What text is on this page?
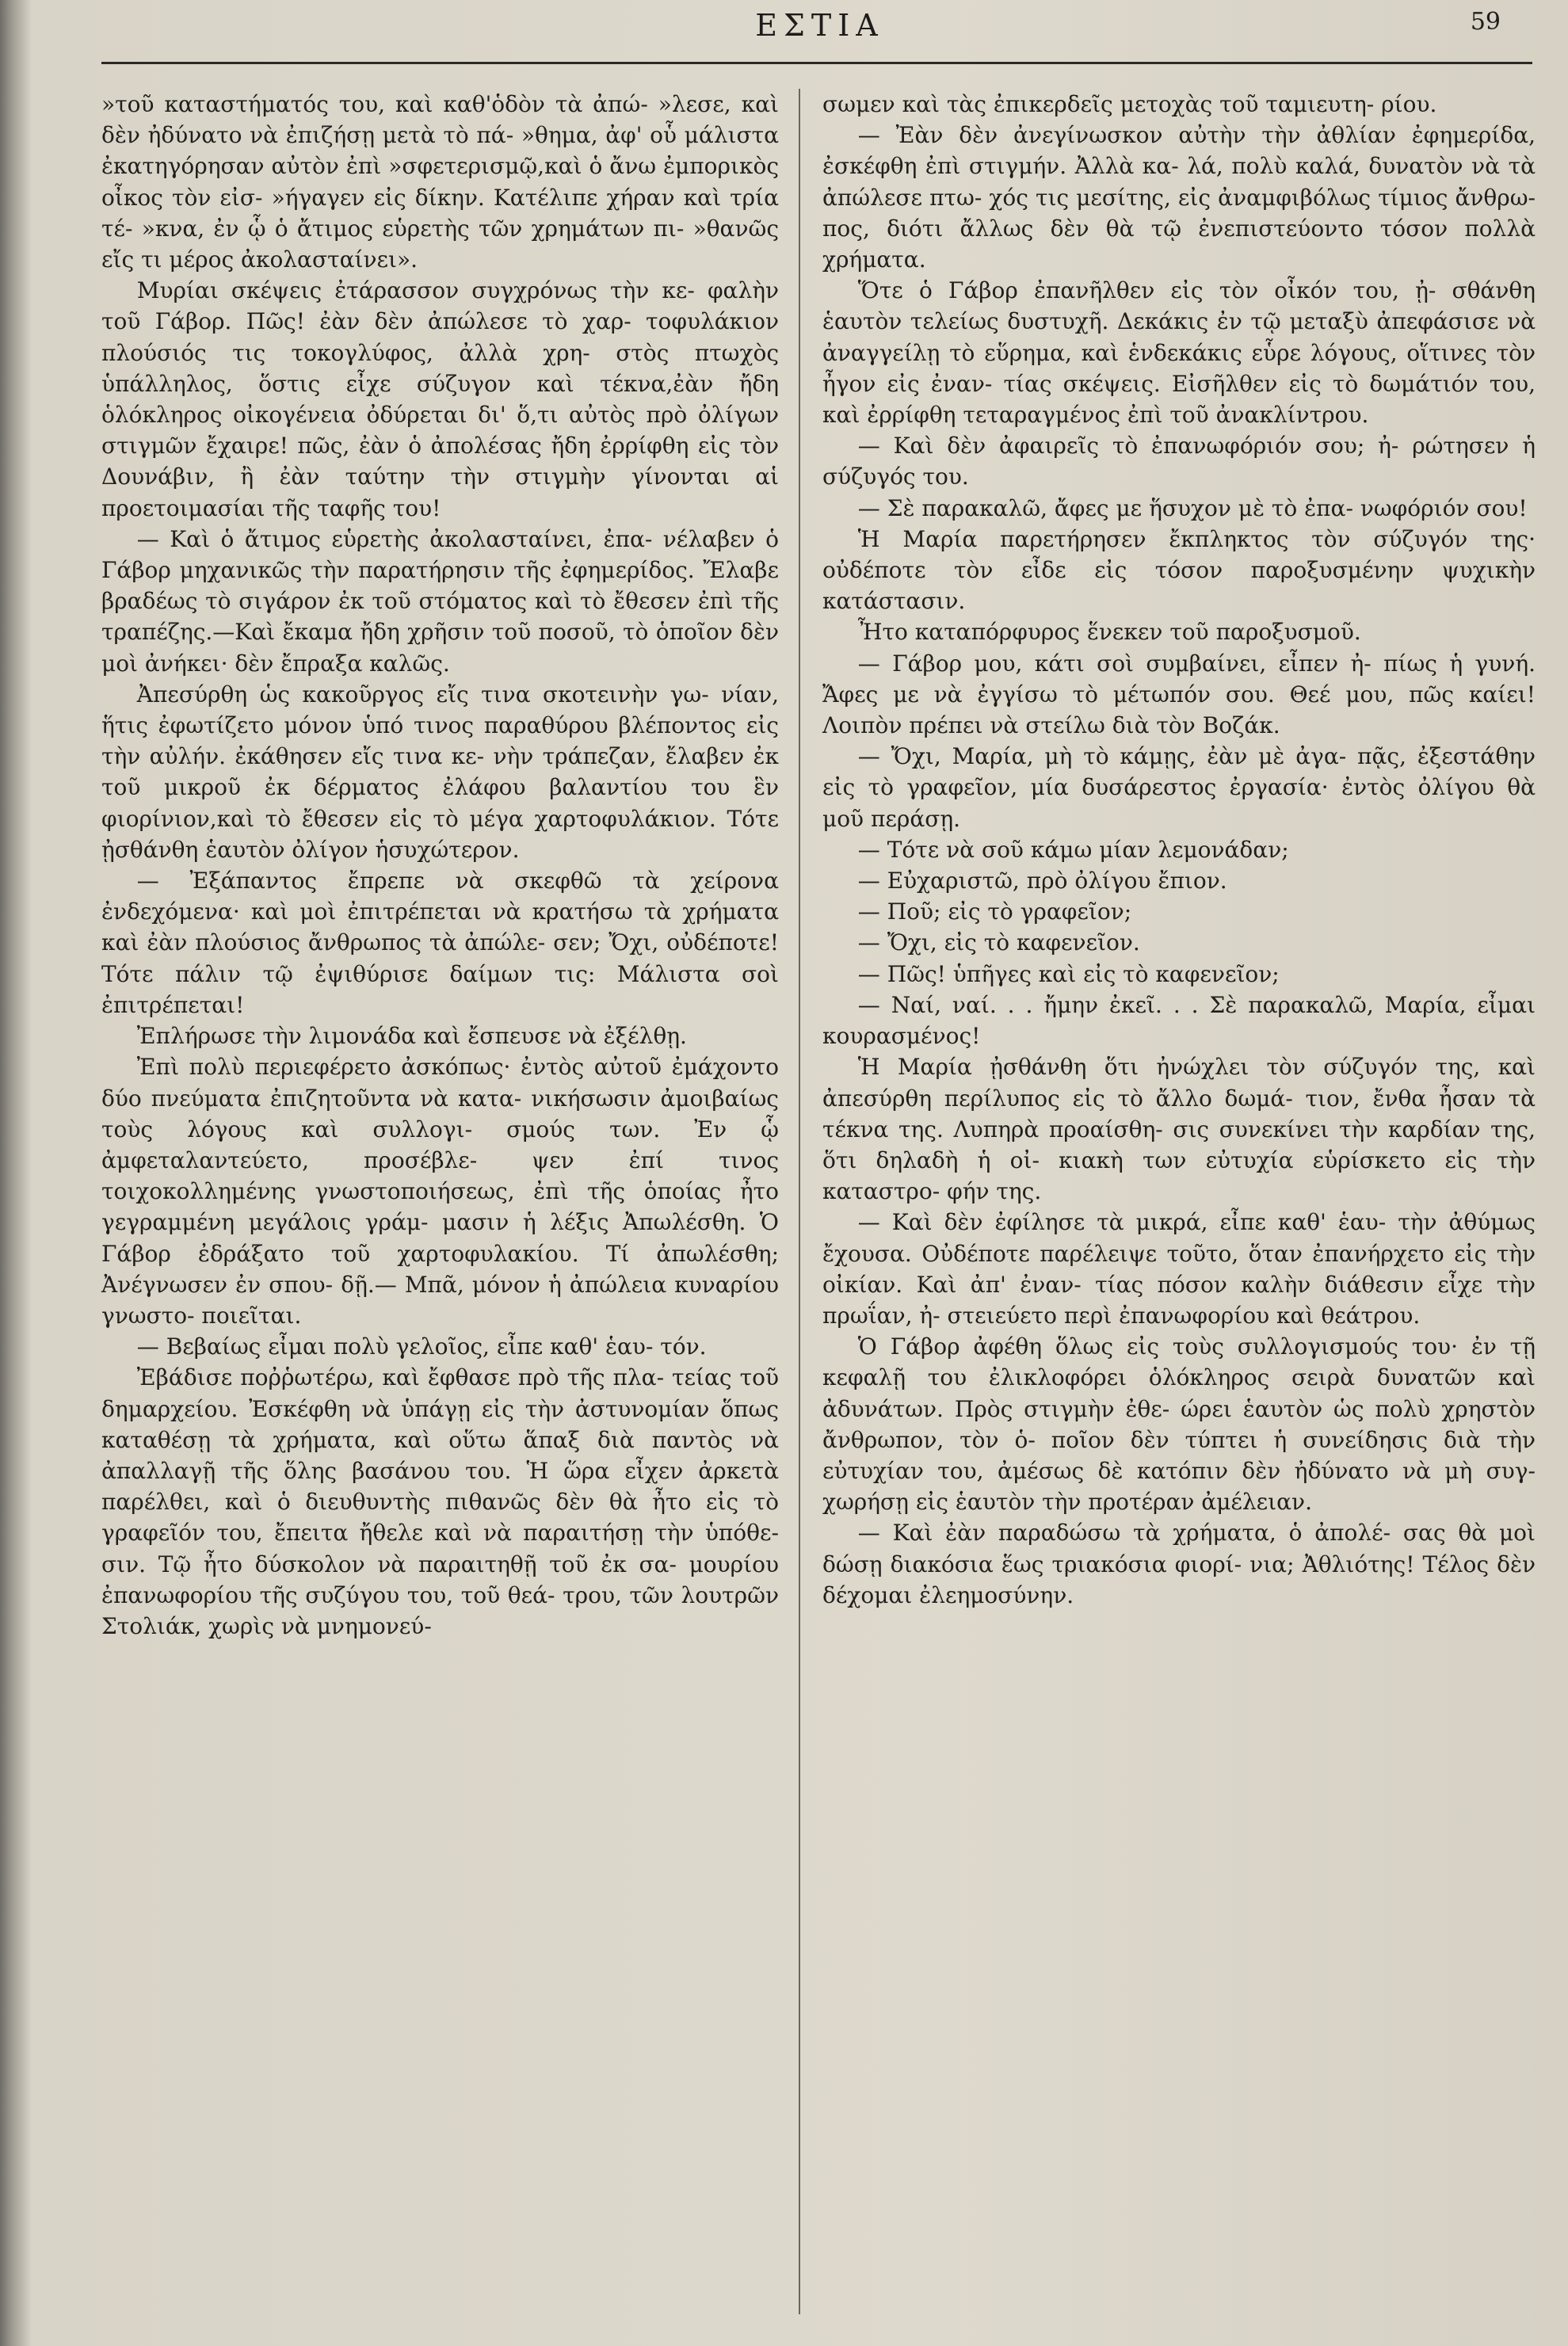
ΕΣΤΙΑ	59

»τοῦ καταστήματός του, καὶ καθ'ὁδὸν τὰ ἀπώ- »λεσε, καὶ δὲν ἠδύνατο νὰ ἐπιζήσῃ μετὰ τὸ πά- »θημα, ἀφ' οὗ μάλιστα ἐκατηγόρησαν αὐτὸν ἐπὶ »σφετερισμῷ,καὶ ὁ ἄνω ἐμπορικὸς οἶκος τὸν εἰσ- »ήγαγεν εἰς δίκην. Κατέλιπε χήραν καὶ τρία τέ- »κνα, ἐν ᾧ ὁ ἄτιμος εὑρετὴς τῶν χρημάτων πι- »θανῶς εἴς τι μέρος ἀκολασταίνει».

Μυρίαι σκέψεις ἐτάρασσον συγχρόνως τὴν κε- φαλὴν τοῦ Γάβορ. Πῶς! ἐὰν δὲν ἀπώλεσε τὸ χαρ- τοφυλάκιον πλούσιός τις τοκογλύφος, ἀλλὰ χρη- στὸς πτωχὸς ὑπάλληλος, ὅστις εἶχε σύζυγον καὶ τέκνα,ἐὰν ἤδη ὁλόκληρος οἰκογένεια ὀδύρεται δι' ὅ,τι αὐτὸς πρὸ ὀλίγων στιγμῶν ἔχαιρε! πῶς, ἐὰν ὁ ἀπολέσας ἤδη ἐρρίφθη εἰς τὸν Δουνάβιν, ἢ ἐὰν ταύτην τὴν στιγμὴν γίνονται αἱ προετοιμασίαι τῆς ταφῆς του!

— Καὶ ὁ ἄτιμος εὑρετὴς ἀκολασταίνει, ἐπα- νέλαβεν ὁ Γάβορ μηχανικῶς τὴν παρατήρησιν τῆς ἐφημερίδος. Ἔλαβε βραδέως τὸ σιγάρον ἐκ τοῦ στόματος καὶ τὸ ἔθεσεν ἐπὶ τῆς τραπέζης.—Καὶ ἔκαμα ἤδη χρῆσιν τοῦ ποσοῦ, τὸ ὁποῖον δὲν μοὶ ἀνήκει· δὲν ἔπραξα καλῶς.

Ἀπεσύρθη ὡς κακοῦργος εἴς τινα σκοτεινὴν γω- νίαν, ἥτις ἐφωτίζετο μόνον ὑπό τινος παραθύρου βλέποντος εἰς τὴν αὐλήν. ἐκάθησεν εἴς τινα κε- νὴν τράπεζαν, ἔλαβεν ἐκ τοῦ μικροῦ ἐκ δέρματος ἐλάφου βαλαντίου του ἓν φιορίνιον,καὶ τὸ ἔθεσεν εἰς τὸ μέγα χαρτοφυλάκιον. Τότε ᾐσθάνθη ἑαυτὸν ὀλίγον ἡσυχώτερον.

— Ἐξάπαντος ἔπρεπε νὰ σκεφθῶ τὰ χείρονα ἐνδεχόμενα· καὶ μοὶ ἐπιτρέπεται νὰ κρατήσω τὰ χρήματα καὶ ἐὰν πλούσιος ἄνθρωπος τὰ ἀπώλε- σεν; Ὄχι, οὐδέποτε! Τότε πάλιν τῷ ἐψιθύρισε δαίμων τις: Μάλιστα σοὶ ἐπιτρέπεται!

Ἐπλήρωσε τὴν λιμονάδα καὶ ἔσπευσε νὰ ἐξέλθῃ.

Ἐπὶ πολὺ περιεφέρετο ἀσκόπως· ἐντὸς αὐτοῦ ἐμάχοντο δύο πνεύματα ἐπιζητοῦντα νὰ κατα- νικήσωσιν ἀμοιβαίως τοὺς λόγους καὶ συλλογι- σμούς των. Ἐν ᾧ ἀμφεταλαντεύετο, προσέβλε- ψεν ἐπί τινος τοιχοκολλημένης γνωστοποιήσεως, ἐπὶ τῆς ὁποίας ἦτο γεγραμμένη μεγάλοις γράμ- μασιν ἡ λέξις Ἀπωλέσθη. Ὁ Γάβορ ἐδράξατο τοῦ χαρτοφυλακίου. Τί ἀπωλέσθη; Ἀνέγνωσεν ἐν σπου- δῇ.— Μπᾶ, μόνον ἡ ἀπώλεια κυναρίου γνωστο- ποιεῖται.

— Βεβαίως εἶμαι πολὺ γελοῖος, εἶπε καθ' ἑαυ- τόν.

Ἐβάδισε ποῤῥωτέρω, καὶ ἔφθασε πρὸ τῆς πλα- τείας τοῦ δημαρχείου. Ἐσκέφθη νὰ ὑπάγῃ εἰς τὴν ἀστυνομίαν ὅπως καταθέσῃ τὰ χρήματα, καὶ οὕτω ἅπαξ διὰ παντὸς νὰ ἀπαλλαγῇ τῆς ὅλης βασάνου του. Ἡ ὥρα εἶχεν ἀρκετὰ παρέλθει, καὶ ὁ διευθυντὴς πιθανῶς δὲν θὰ ἦτο εἰς τὸ γραφεῖόν του, ἔπειτα ἤθελε καὶ νὰ παραιτήσῃ τὴν ὑπόθε- σιν. Τῷ ἦτο δύσκολον νὰ παραιτηθῇ τοῦ ἐκ σα- μουρίου ἐπανωφορίου τῆς συζύγου του, τοῦ θεά- τρου, τῶν λουτρῶν Στολιάκ, χωρὶς νὰ μνημονεύ-

σωμεν καὶ τὰς ἐπικερδεῖς μετοχὰς τοῦ ταμιευτη- ρίου.

— Ἐὰν δὲν ἀνεγίνωσκον αὐτὴν τὴν ἀθλίαν ἐφημερίδα, ἐσκέφθη ἐπὶ στιγμήν. Ἀλλὰ κα- λά, πολὺ καλά, δυνατὸν νὰ τὰ ἀπώλεσε πτω- χός τις μεσίτης, εἰς ἀναμφιβόλως τίμιος ἄνθρω- πος, διότι ἄλλως δὲν θὰ τῷ ἐνεπιστεύοντο τόσον πολλὰ χρήματα.

Ὅτε ὁ Γάβορ ἐπανῆλθεν εἰς τὸν οἶκόν του, ᾐ- σθάνθη ἑαυτὸν τελείως δυστυχῆ. Δεκάκις ἐν τῷ μεταξὺ ἀπεφάσισε νὰ ἀναγγείλῃ τὸ εὕρημα, καὶ ἑνδεκάκις εὗρε λόγους, οἵτινες τὸν ἦγον εἰς ἐναν- τίας σκέψεις. Εἰσῆλθεν εἰς τὸ δωμάτιόν του, καὶ ἐρρίφθη τεταραγμένος ἐπὶ τοῦ ἀνακλίντρου.

— Καὶ δὲν ἀφαιρεῖς τὸ ἐπανωφόριόν σου; ἠ- ρώτησεν ἡ σύζυγός του.

— Σὲ παρακαλῶ, ἄφες με ἥσυχον μὲ τὸ ἐπα- νωφόριόν σου!

Ἡ Μαρία παρετήρησεν ἔκπληκτος τὸν σύζυγόν της· οὐδέποτε τὸν εἶδε εἰς τόσον παροξυσμένην ψυχικὴν κατάστασιν.

Ἦτο καταπόρφυρος ἕνεκεν τοῦ παροξυσμοῦ.

— Γάβορ μου, κάτι σοὶ συμβαίνει, εἶπεν ἠ- πίως ἡ γυνή. Ἄφες με νὰ ἐγγίσω τὸ μέτωπόν σου. Θεέ μου, πῶς καίει! Λοιπὸν πρέπει νὰ στείλω διὰ τὸν Βοζάκ.

— Ὄχι, Μαρία, μὴ τὸ κάμῃς, ἐὰν μὲ ἀγα- πᾷς, ἐξεστάθην εἰς τὸ γραφεῖον, μία δυσάρεστος ἐργασία· ἐντὸς ὀλίγου θὰ μοῦ περάσῃ.

— Τότε νὰ σοῦ κάμω μίαν λεμονάδαν;

— Εὐχαριστῶ, πρὸ ὀλίγου ἔπιον.

— Ποῦ; εἰς τὸ γραφεῖον;

— Ὄχι, εἰς τὸ καφενεῖον.

— Πῶς! ὑπῆγες καὶ εἰς τὸ καφενεῖον;

— Ναί, ναί. . . ἤμην ἐκεῖ. . . Σὲ παρακαλῶ, Μαρία, εἶμαι κουρασμένος!

Ἡ Μαρία ᾐσθάνθη ὅτι ἠνώχλει τὸν σύζυγόν της, καὶ ἀπεσύρθη περίλυπος εἰς τὸ ἄλλο δωμά- τιον, ἔνθα ἦσαν τὰ τέκνα της. Λυπηρὰ προαίσθη- σις συνεκίνει τὴν καρδίαν της, ὅτι δηλαδὴ ἡ οἰ- κιακὴ των εὐτυχία εὑρίσκετο εἰς τὴν καταστρο- φήν της.

— Καὶ δὲν ἐφίλησε τὰ μικρά, εἶπε καθ' ἑαυ- τὴν ἀθύμως ἔχουσα. Οὐδέποτε παρέλειψε τοῦτο, ὅταν ἐπανήρχετο εἰς τὴν οἰκίαν. Καὶ ἀπ' ἐναν- τίας πόσον καλὴν διάθεσιν εἶχε τὴν πρωΐαν, ἠ- στειεύετο περὶ ἐπανωφορίου καὶ θεάτρου.

Ὁ Γάβορ ἀφέθη ὅλως εἰς τοὺς συλλογισμούς του· ἐν τῇ κεφαλῇ του ἐλικλοφόρει ὁλόκληρος σειρὰ δυνατῶν καὶ ἀδυνάτων. Πρὸς στιγμὴν ἐθε- ώρει ἑαυτὸν ὡς πολὺ χρηστὸν ἄνθρωπον, τὸν ὁ- ποῖον δὲν τύπτει ἡ συνείδησις διὰ τὴν εὐτυχίαν του, ἀμέσως δὲ κατόπιν δὲν ἠδύνατο νὰ μὴ συγ- χωρήσῃ εἰς ἑαυτὸν τὴν προτέραν ἀμέλειαν.

— Καὶ ἐὰν παραδώσω τὰ χρήματα, ὁ ἀπολέ- σας θὰ μοὶ δώσῃ διακόσια ἕως τριακόσια φιορί- νια; Ἀθλιότης! Τέλος δὲν δέχομαι ἐλεημοσύνην.
